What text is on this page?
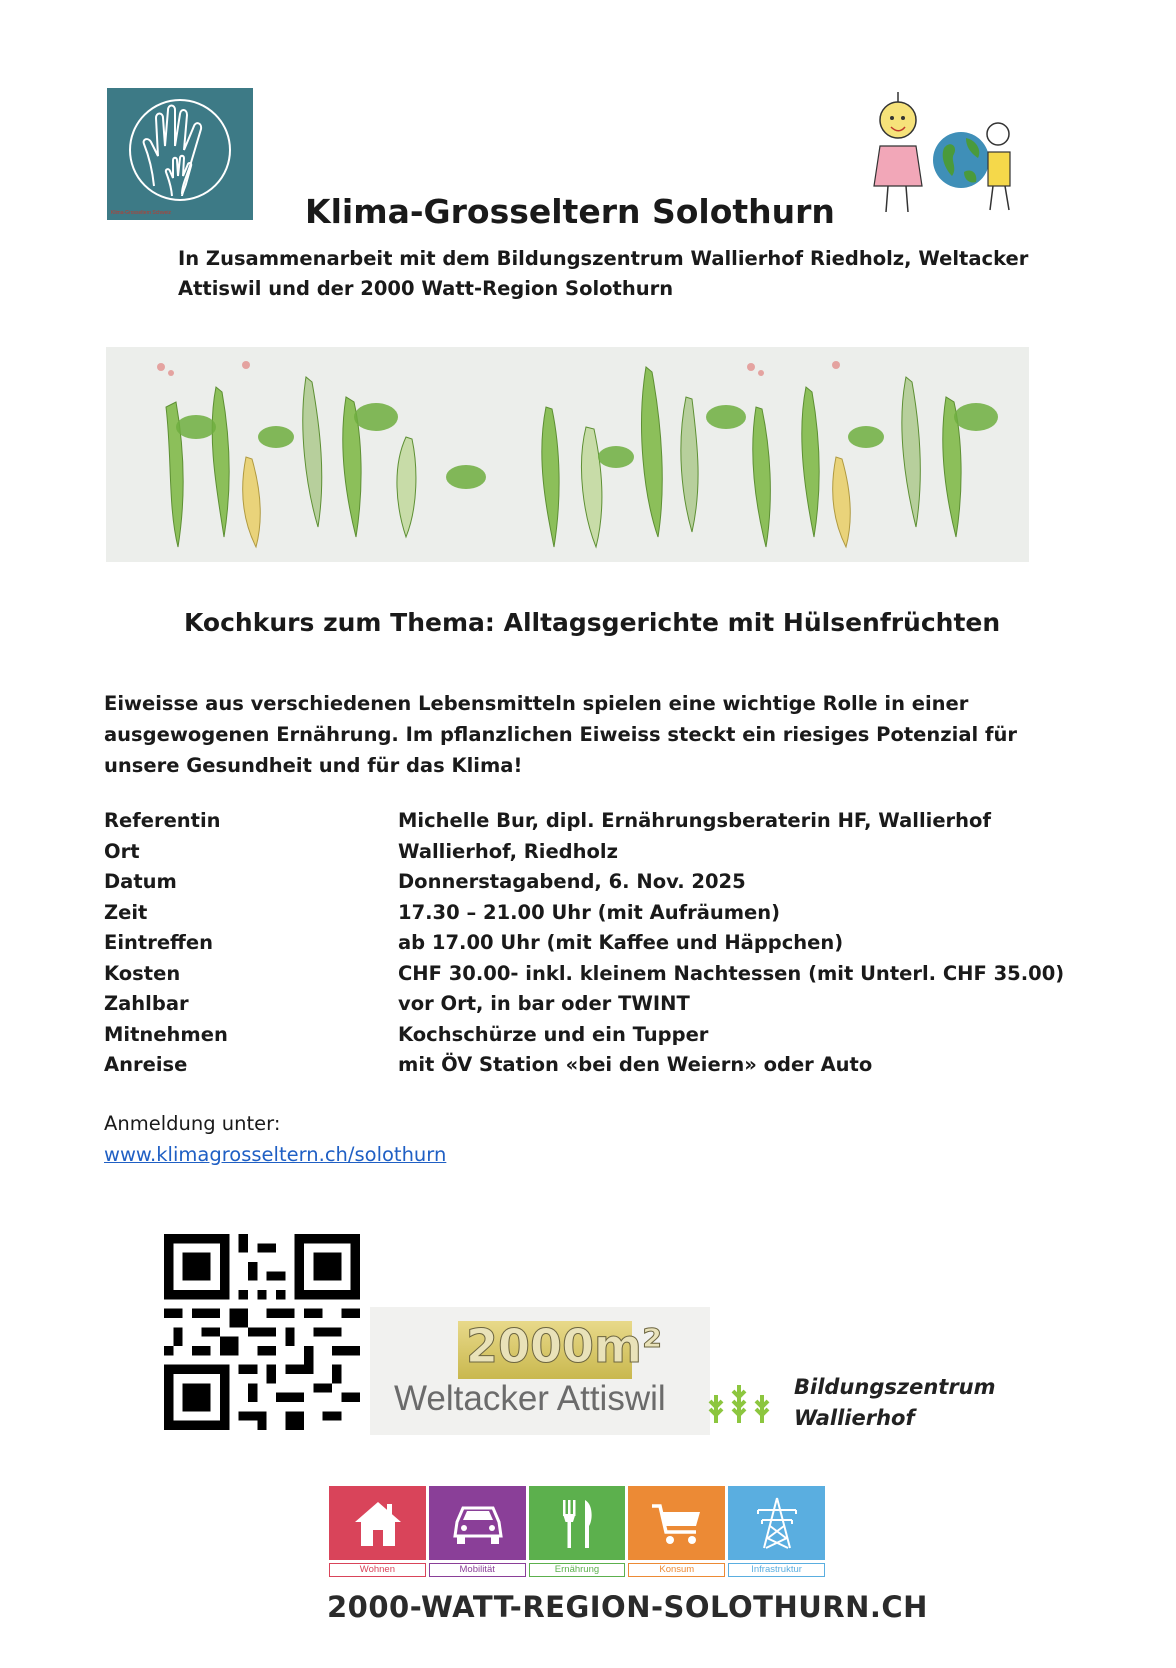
Klima-Grosseltern Schweiz	Klima-Grosseltern Solothurn
In Zusammenarbeit mit dem Bildungszentrum Wallierhof Riedholz, Weltacker Attiswil und der 2000 Watt-Region Solothurn
Kochkurs zum Thema: Alltagsgerichte mit Hülsenfrüchten
Eiweisse aus verschiedenen Lebensmitteln spielen eine wichtige Rolle in einer ausgewogenen Ernährung. Im pflanzlichen Eiweiss steckt ein riesiges Potenzial für unsere Gesundheit und für das Klima!
Referentin	Michelle Bur, dipl. Ernährungsberaterin HF, Wallierhof
Ort	Wallierhof, Riedholz
Datum	Donnerstagabend, 6. Nov. 2025
Zeit	17.30 – 21.00 Uhr (mit Aufräumen)
Eintreffen	ab 17.00 Uhr (mit Kaffee und Häppchen)
Kosten	CHF 30.00- inkl. kleinem Nachtessen (mit Unterl. CHF 35.00)
Zahlbar	vor Ort, in bar oder TWINT
Mitnehmen	Kochschürze und ein Tupper
Anreise	mit ÖV Station «bei den Weiern» oder Auto
Anmeldung unter:
www.klimagrosseltern.ch/solothurn
2000m²
Weltacker Attiswil	Bildungszentrum
Wallierhof
Wohnen	Mobilität	Ernährung	Konsum	Infrastruktur
2000-WATT-REGION-SOLOTHURN.CH
